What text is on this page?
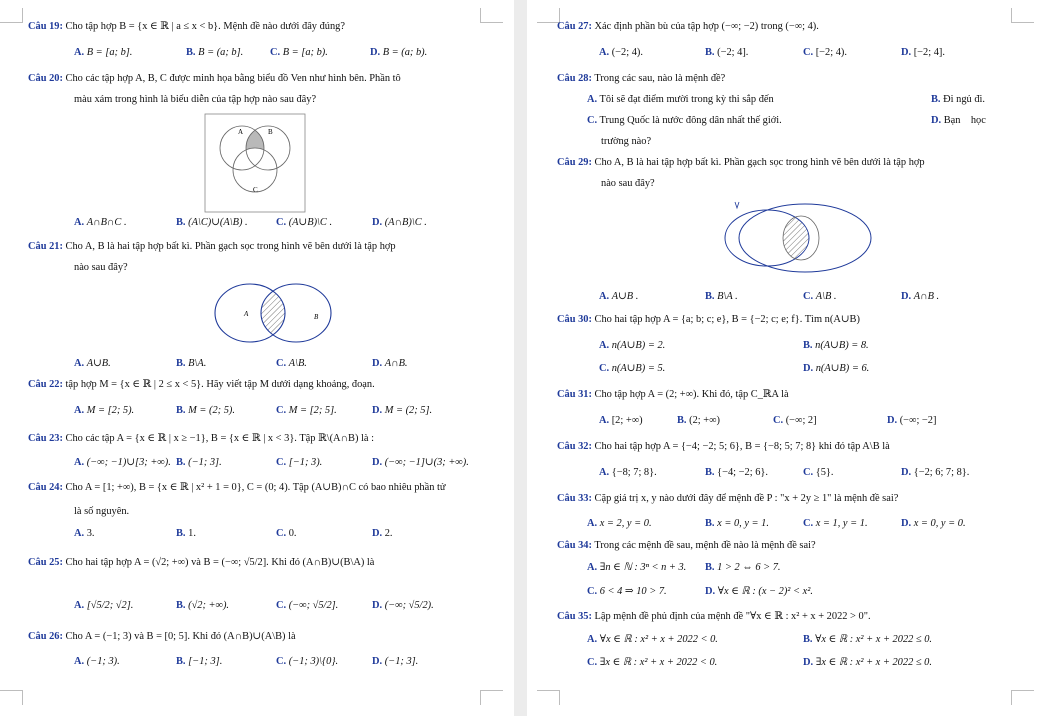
Câu 19: Cho tập hợp B = {x ∈ ℝ | a ≤ x < b}. Mệnh đề nào dưới đây đúng?
A. B = [a; b].	B. B = (a; b].	C. B = [a; b).	D. B = (a; b).
Câu 20: Cho các tập hợp A, B, C được minh họa bằng biểu đồ Ven như hình bên. Phần tô
màu xám trong hình là biểu diễn của tập hợp nào sau đây?
A	B
C
A. A∩B∩C .	B. (A\C)∪(A\B) .	C. (A∪B)\C .	D. (A∩B)\C .
Câu 21: Cho A, B là hai tập hợp bất kì. Phần gạch sọc trong hình vẽ bên dưới là tập hợp
nào sau đây?
A	B
A. A∪B.	B. B\A.	C. A\B.	D. A∩B.
Câu 22: tập hợp M = {x ∈ ℝ | 2 ≤ x < 5}. Hãy viết tập M dưới dạng khoảng, đoạn.
A. M = [2; 5).	B. M = (2; 5).	C. M = [2; 5].	D. M = (2; 5].
Câu 23: Cho các tập A = {x ∈ ℝ | x ≥ −1}, B = {x ∈ ℝ | x < 3}. Tập ℝ\(A∩B) là :
A. (−∞; −1)∪[3; +∞). B. (−1; 3].	C. [−1; 3).	D. (−∞; −1]∪(3; +∞).
Câu 24: Cho A = [1; +∞), B = {x ∈ ℝ | x² + 1 = 0}, C = (0; 4). Tập (A∪B)∩C có bao nhiêu phần tử
là số nguyên.
A. 3.	B. 1.	C. 0.	D. 2.
Câu 25: Cho hai tập hợp A = (√2; +∞) và B = (−∞; √5/2]. Khi đó (A∩B)∪(B\A) là
A. [√5/2; √2].	B. (√2; +∞).	C. (−∞; √5/2].	D. (−∞; √5/2).
Câu 26: Cho A = (−1; 3) và B = [0; 5]. Khi đó (A∩B)∪(A\B) là
A. (−1; 3).	B. [−1; 3].	C. (−1; 3)\{0}.	D. (−1; 3].
Câu 27: Xác định phần bù của tập hợp (−∞; −2) trong (−∞; 4).
A. (−2; 4).	B. (−2; 4].	C. [−2; 4).	D. [−2; 4].
Câu 28: Trong các sau, nào là mệnh đề?
A. Tôi sẽ đạt điểm mười trong kỳ thi sắp đến	B. Đi ngủ đi.
C. Trung Quốc là nước đông dân nhất thế giới.	D. Bạn    học
trường nào?
Câu 29: Cho A, B là hai tập hợp bất kì. Phần gạch sọc trong hình vẽ bên dưới là tập hợp
nào sau đây?
A. A∪B .	B. B\A .	C. A\B .	D. A∩B .
Câu 30: Cho hai tập hợp A = {a; b; c; e}, B = {−2; c; e; f}. Tìm n(A∪B)
A. n(A∪B) = 2.	B. n(A∪B) = 8.
C. n(A∪B) = 5.	D. n(A∪B) = 6.
Câu 31: Cho tập hợp A = (2; +∞). Khi đó, tập C_ℝA là
A. [2; +∞)	B. (2; +∞)	C. (−∞; 2]	D. (−∞; −2]
Câu 32: Cho hai tập hợp A = {−4; −2; 5; 6}, B = {−8; 5; 7; 8} khi đó tập A\B là
A. {−8; 7; 8}.	B. {−4; −2; 6}.	C. {5}.	D. {−2; 6; 7; 8}.
Câu 33: Cặp giá trị x, y nào dưới đây để mệnh đề P : "x + 2y ≥ 1" là mệnh đề sai?
A. x = 2, y = 0.	B. x = 0, y = 1.	C. x = 1, y = 1.	D. x = 0, y = 0.
Câu 34: Trong các mệnh đề sau, mệnh đề nào là mệnh đề sai?
A. ∃n ∈ ℕ : 3ⁿ < n + 3. B. 1 > 2 ⇔ 6 > 7.
C. 6 < 4 ⇒ 10 > 7.	D. ∀x ∈ ℝ : (x − 2)² < x².
Câu 35: Lập mệnh đề phủ định của mệnh đề "∀x ∈ ℝ : x² + x + 2022 > 0".
A. ∀x ∈ ℝ : x² + x + 2022 < 0.	B. ∀x ∈ ℝ : x² + x + 2022 ≤ 0.
C. ∃x ∈ ℝ : x² + x + 2022 < 0.	D. ∃x ∈ ℝ : x² + x + 2022 ≤ 0.
